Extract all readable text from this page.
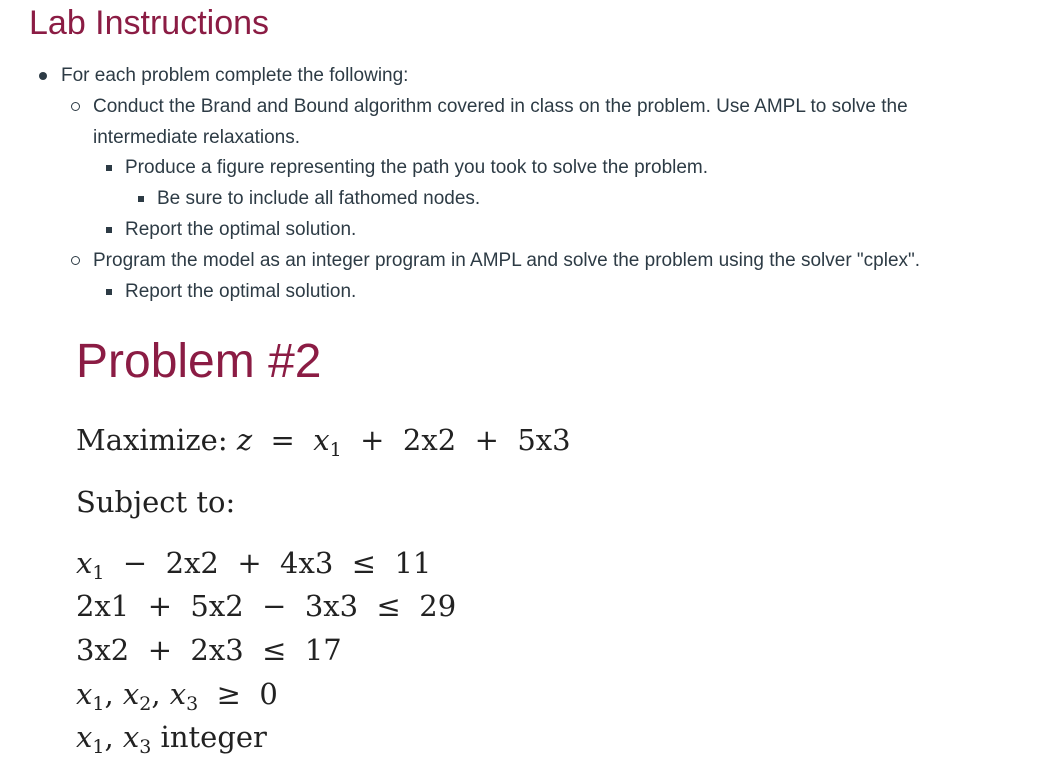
Lab Instructions
For each problem complete the following:
Conduct the Brand and Bound algorithm covered in class on the problem. Use AMPL to solve the
intermediate relaxations.
Produce a figure representing the path you took to solve the problem.
Be sure to include all fathomed nodes.
Report the optimal solution.
Program the model as an integer program in AMPL and solve the problem using the solver "cplex".
Report the optimal solution.
Problem #2
Maximize: $z = x_1 + 2x2 + 5x3$
Subject to:
$x_1 - 2x2 + 4x3 \le 11$
2x1  +  5x2  −  3x3  ≤  29
3x2  +  2x3  ≤  17
$x_1$, $x_2$, $x_3 \ge 0$
$x_1$, $x_3$ integer
